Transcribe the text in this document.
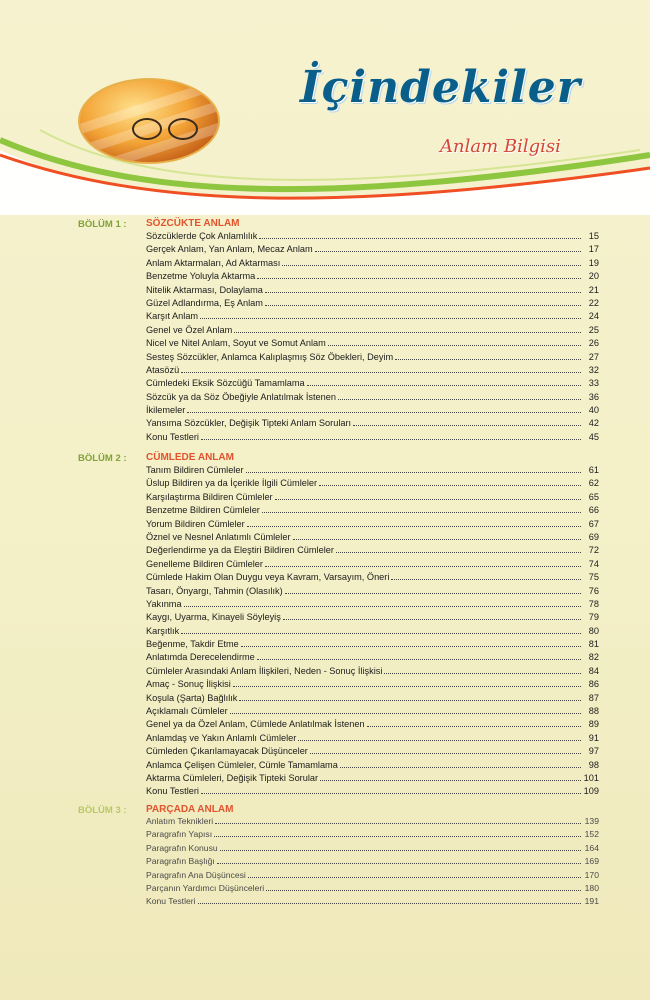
İçindekiler
Anlam Bilgisi
BÖLÜM 1 : SÖZCÜKTE ANLAM
Sözcüklerde Çok Anlamlılık	15
Gerçek Anlam, Yan Anlam, Mecaz Anlam	17
Anlam Aktarmaları, Ad Aktarması	19
Benzetme Yoluyla Aktarma	20
Nitelik Aktarması, Dolaylama	21
Güzel Adlandırma, Eş Anlam	22
Karşıt Anlam	24
Genel ve Özel Anlam	25
Nicel ve Nitel Anlam, Soyut ve Somut Anlam	26
Sesteş Sözcükler, Anlamca Kalıplaşmış Söz Öbekleri, Deyim	27
Atasözü	32
Cümledeki Eksik Sözcüğü Tamamlama	33
Sözcük ya da Söz Öbeğiyle Anlatılmak İstenen	36
İkilemeler	40
Yansıma Sözcükler, Değişik Tipteki Anlam Soruları	42
Konu Testleri	45
BÖLÜM 2 : CÜMLEDE ANLAM
Tanım Bildiren Cümleler	61
Üslup Bildiren ya da İçerikle İlgili Cümleler	62
Karşılaştırma Bildiren Cümleler	65
Benzetme Bildiren Cümleler	66
Yorum Bildiren Cümleler	67
Öznel ve Nesnel Anlatımlı Cümleler	69
Değerlendirme ya da Eleştiri Bildiren Cümleler	72
Genelleme Bildiren Cümleler	74
Cümlede Hakim Olan Duygu veya Kavram, Varsayım, Öneri	75
Tasarı, Önyargı, Tahmin (Olasılık)	76
Yakınma	78
Kaygı, Uyarma, Kinayeli Söyleyiş	79
Karşıtlık	80
Beğenme, Takdir Etme	81
Anlatımda Derecelendirme	82
Cümleler Arasındaki Anlam İlişkileri, Neden - Sonuç İlişkisi	84
Amaç - Sonuç İlişkisi	86
Koşula (Şarta) Bağlılık	87
Açıklamalı Cümleler	88
Genel ya da Özel Anlam, Cümlede Anlatılmak İstenen	89
Anlamdaş ve Yakın Anlamlı Cümleler	91
Cümleden Çıkarılamayacak Düşünceler	97
Anlamca Çelişen Cümleler, Cümle Tamamlama	98
Aktarma Cümleleri, Değişik Tipteki Sorular	101
Konu Testleri	109
BÖLÜM 3 : PARÇADA ANLAM
Anlatım Teknikleri	139
Paragrafın Yapısı	152
Paragrafın Konusu	164
Paragrafın Başlığı	169
Paragrafın Ana Düşüncesi	170
Parçanın Yardımcı Düşünceleri	180
Konu Testleri	191
